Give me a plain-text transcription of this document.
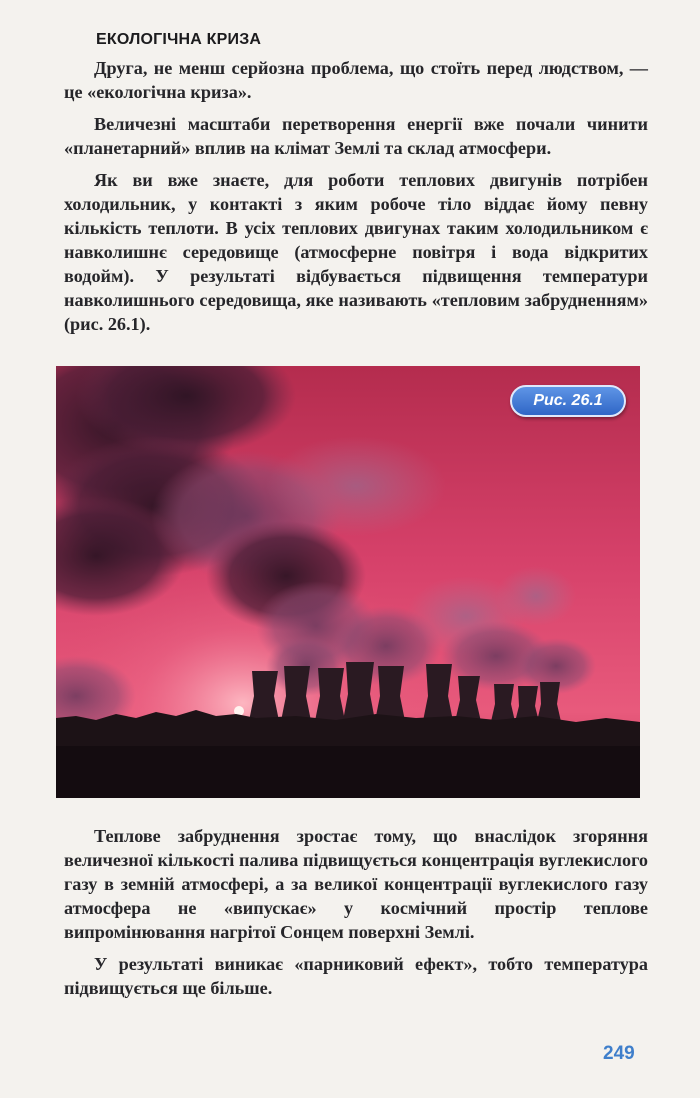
ЕКОЛОГІЧНА КРИЗА

Друга, не менш серйозна проблема, що стоїть перед людством, — це «екологічна криза».

Величезні масштаби перетворення енергії вже почали чинити «планетарний» вплив на клімат Землі та склад атмосфери.

Як ви вже знаєте, для роботи теплових двигунів потрібен холодильник, у контакті з яким робоче тіло віддає йому певну кількість теплоти. В усіх теплових двигунах таким холодильником є навколишнє середовище (атмосферне повітря і вода відкритих водойм). У результаті відбувається підвищення температури навколишнього середовища, яке називають «тепловим забрудненням» (рис. 26.1).

Рис. 26.1

Теплове забруднення зростає тому, що внаслідок згоряння величезної кількості палива підвищується концентрація вуглекислого газу в земній атмосфері, а за великої концентрації вуглекислого газу атмосфера не «випускає» у космічний простір теплове випромінювання нагрітої Сонцем поверхні Землі.

У результаті виникає «парниковий ефект», тобто температура підвищується ще більше.

249
